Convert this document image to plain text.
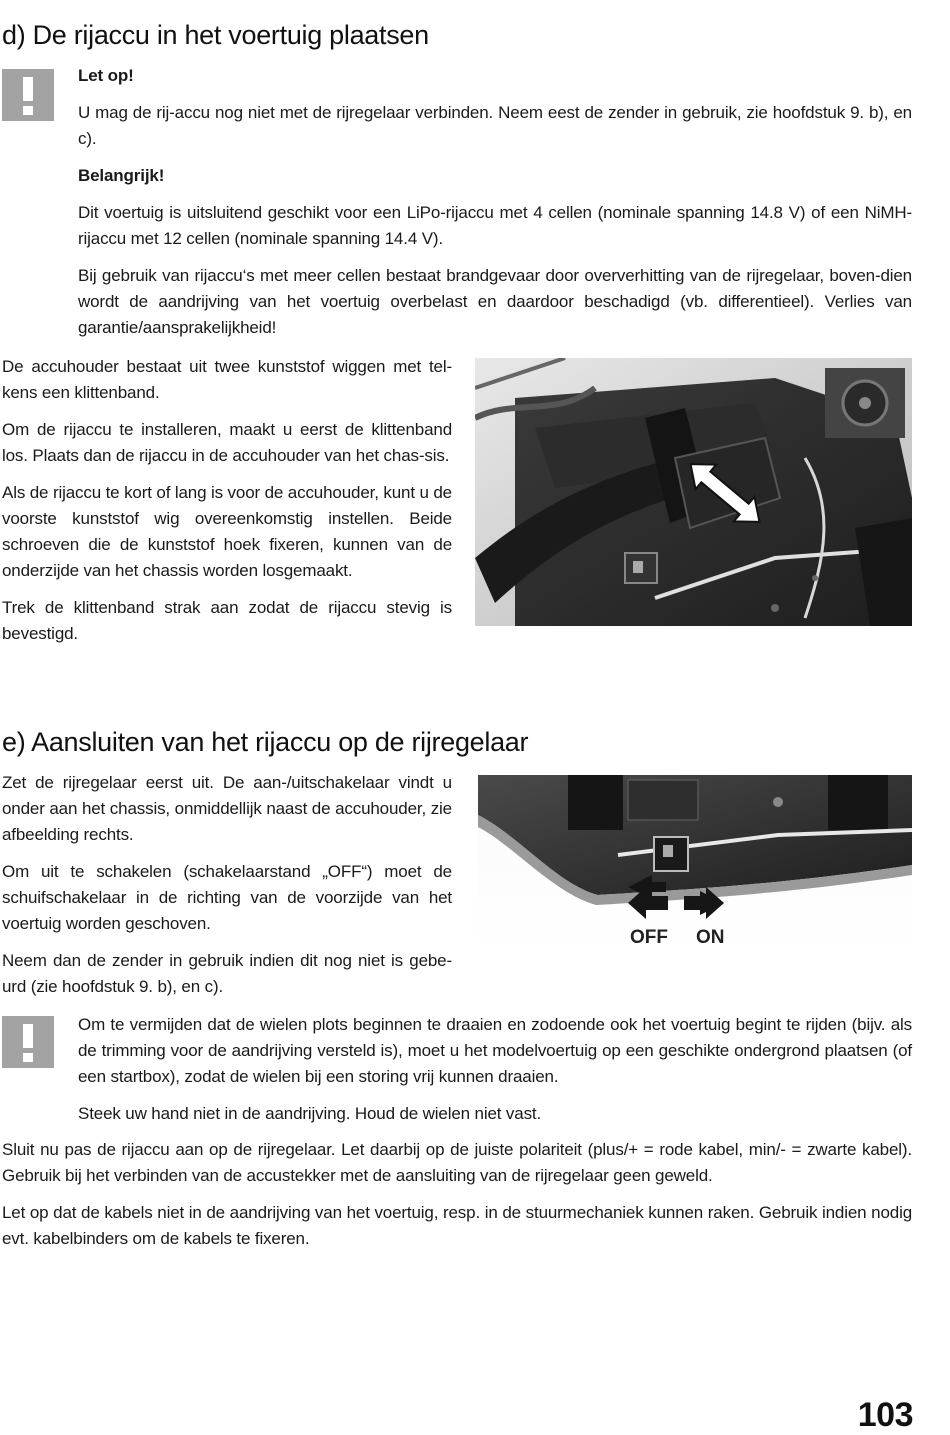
d) De rijaccu in het voertuig plaatsen

Let op!

U mag de rij-accu nog niet met de rijregelaar verbinden. Neem eest de zender in gebruik, zie hoofdstuk 9. b), en c).

Belangrijk!

Dit voertuig is uitsluitend geschikt voor een LiPo-rijaccu met 4 cellen (nominale spanning 14.8 V) of een NiMH-rijaccu met 12 cellen (nominale spanning 14.4 V).

Bij gebruik van rijaccu‘s met meer cellen bestaat brandgevaar door oververhitting van de rijregelaar, boven-dien wordt de aandrijving van het voertuig overbelast en daardoor beschadigd (vb. differentieel). Verlies van garantie/aansprakelijkheid!

De accuhouder bestaat uit twee kunststof wiggen met tel-kens een klittenband.

Om de rijaccu te installeren, maakt u eerst de klittenband los. Plaats dan de rijaccu in de accuhouder van het chas-sis.

Als de rijaccu te kort of lang is voor de accuhouder, kunt u de voorste kunststof wig overeenkomstig instellen. Beide schroeven die de kunststof hoek fixeren, kunnen van de onderzijde van het chassis worden losgemaakt.

Trek de klittenband strak aan zodat de rijaccu stevig is bevestigd.

e) Aansluiten van het rijaccu op de rijregelaar

Zet de rijregelaar eerst uit. De aan-/uitschakelaar vindt u onder aan het chassis, onmiddellijk naast de accuhouder, zie afbeelding rechts.

Om uit te schakelen (schakelaarstand „OFF“) moet de schuifschakelaar in de richting van de voorzijde van het voertuig worden geschoven.

Neem dan de zender in gebruik indien dit nog niet is gebe-urd (zie hoofdstuk 9. b), en c).

OFF ON

Om te vermijden dat de wielen plots beginnen te draaien en zodoende ook het voertuig begint te rijden (bijv. als de trimming voor de aandrijving versteld is), moet u het modelvoertuig op een geschikte ondergrond plaatsen (of een startbox), zodat de wielen bij een storing vrij kunnen draaien.

Steek uw hand niet in de aandrijving. Houd de wielen niet vast.

Sluit nu pas de rijaccu aan op de rijregelaar. Let daarbij op de juiste polariteit (plus/+ = rode kabel, min/- = zwarte kabel). Gebruik bij het verbinden van de accustekker met de aansluiting van de rijregelaar geen geweld.

Let op dat de kabels niet in de aandrijving van het voertuig, resp. in de stuurmechaniek kunnen raken. Gebruik indien nodig evt. kabelbinders om de kabels te fixeren.

103
